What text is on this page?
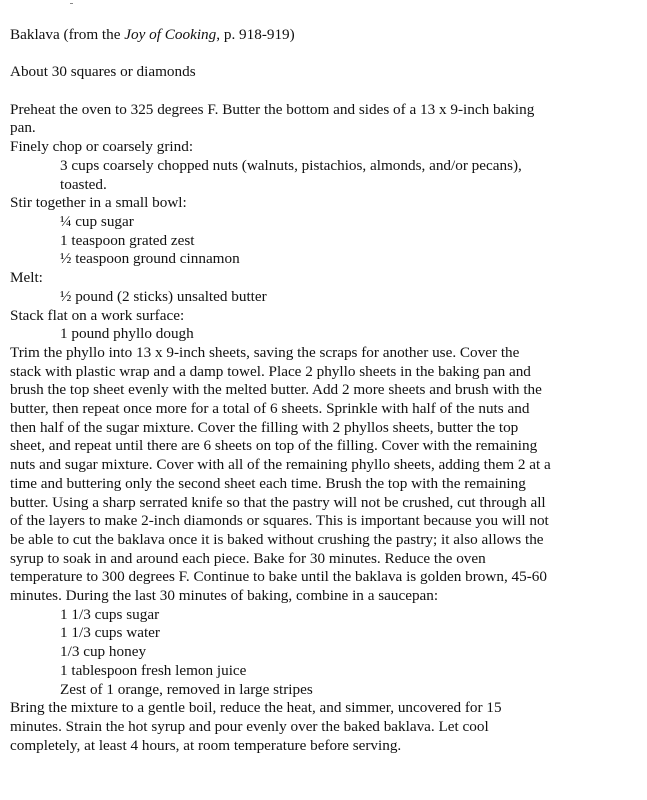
Baklava (from the Joy of Cooking, p. 918-919)
About 30 squares or diamonds
Preheat the oven to 325 degrees F. Butter the bottom and sides of a 13 x 9-inch baking
pan.
Finely chop or coarsely grind:
3 cups coarsely chopped nuts (walnuts, pistachios, almonds, and/or pecans),
toasted.
Stir together in a small bowl:
¼ cup sugar
1 teaspoon grated zest
½ teaspoon ground cinnamon
Melt:
½ pound (2 sticks) unsalted butter
Stack flat on a work surface:
1 pound phyllo dough
Trim the phyllo into 13 x 9-inch sheets, saving the scraps for another use. Cover the
stack with plastic wrap and a damp towel. Place 2 phyllo sheets in the baking pan and
brush the top sheet evenly with the melted butter. Add 2 more sheets and brush with the
butter, then repeat once more for a total of 6 sheets. Sprinkle with half of the nuts and
then half of the sugar mixture. Cover the filling with 2 phyllos sheets, butter the top
sheet, and repeat until there are 6 sheets on top of the filling. Cover with the remaining
nuts and sugar mixture. Cover with all of the remaining phyllo sheets, adding them 2 at a
time and buttering only the second sheet each time. Brush the top with the remaining
butter. Using a sharp serrated knife so that the pastry will not be crushed, cut through all
of the layers to make 2-inch diamonds or squares. This is important because you will not
be able to cut the baklava once it is baked without crushing the pastry; it also allows the
syrup to soak in and around each piece. Bake for 30 minutes. Reduce the oven
temperature to 300 degrees F. Continue to bake until the baklava is golden brown, 45-60
minutes. During the last 30 minutes of baking, combine in a saucepan:
1 1/3 cups sugar
1 1/3 cups water
1/3 cup honey
1 tablespoon fresh lemon juice
Zest of 1 orange, removed in large stripes
Bring the mixture to a gentle boil, reduce the heat, and simmer, uncovered for 15
minutes. Strain the hot syrup and pour evenly over the baked baklava. Let cool
completely, at least 4 hours, at room temperature before serving.
